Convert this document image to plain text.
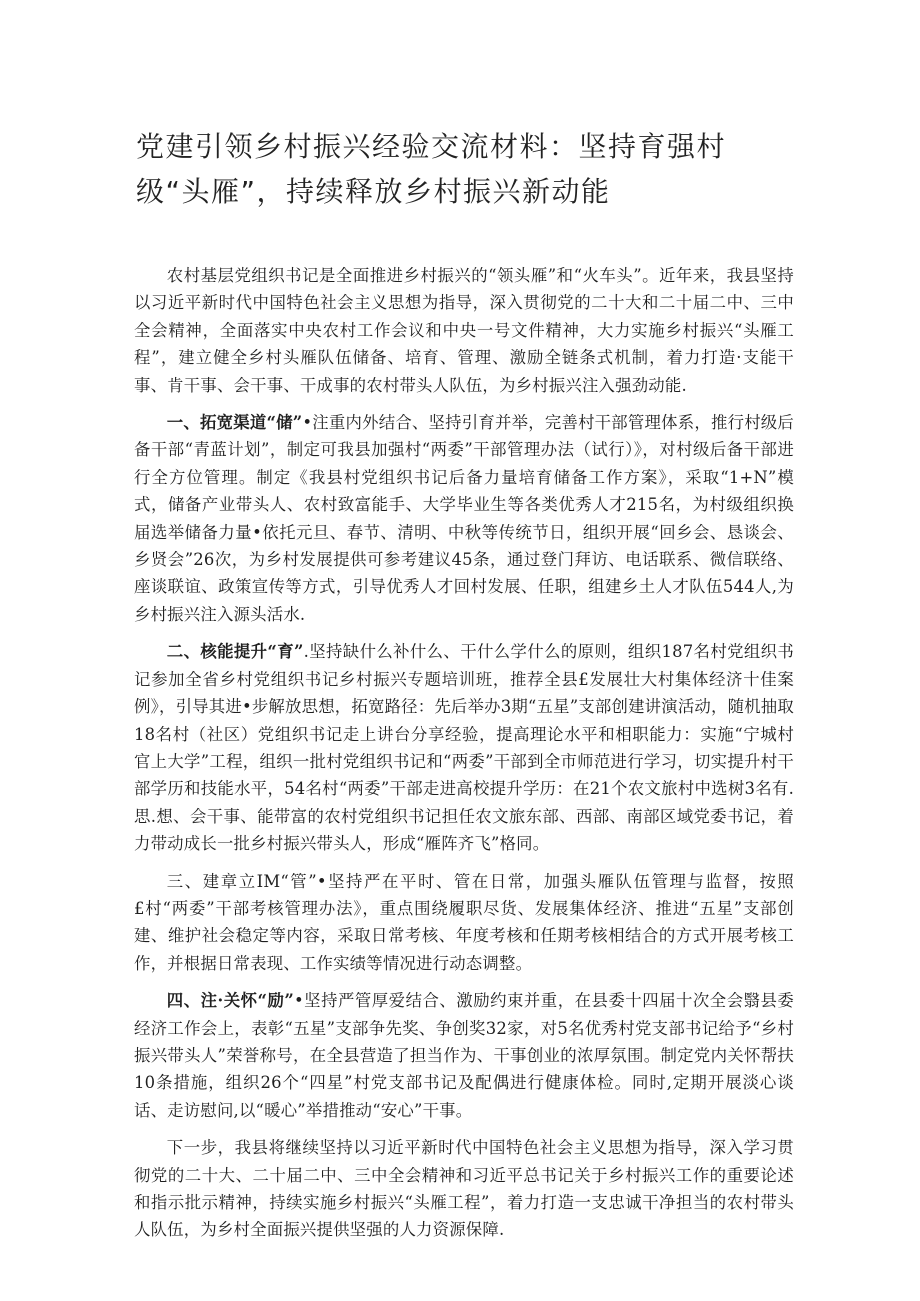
党建引领乡村振兴经验交流材料：坚持育强村级“头雁”，持续释放乡村振兴新动能

农村基层党组织书记是全面推进乡村振兴的“领头雁”和“火车头”。近年来，我县坚持以习近平新时代中国特色社会主义思想为指导，深入贯彻党的二十大和二十届二中、三中全会精神，全面落实中央农村工作会议和中央一号文件精神，大力实施乡村振兴“头雁工程”，建立健全乡村头雁队伍储备、培育、管理、激励全链条式机制，着力打造·支能干事、肯干事、会干事、干成事的农村带头人队伍，为乡村振兴注入强劲动能.

一、拓宽渠道“储”•注重内外结合、坚持引育并举，完善村干部管理体系，推行村级后备干部“青蓝计划”，制定可我县加强村“两委”干部管理办法（试行）》，对村级后备干部进行全方位管理。制定《我县村党组织书记后备力量培育储备工作方案》，采取“1+N”模式，储备产业带头人、农村致富能手、大学毕业生等各类优秀人才215名，为村级组织换届选举储备力量•依托元旦、春节、清明、中秋等传统节日，组织开展“回乡会、恳谈会、乡贤会”26次，为乡村发展提供可参考建议45条，通过登门拜访、电话联系、微信联络、座谈联谊、政策宣传等方式，引导优秀人才回村发展、任职，组建乡土人才队伍544人,为乡村振兴注入源头活水.

二、核能提升“育”.坚持缺什么补什么、干什么学什么的原则，组织187名村党组织书记参加全省乡村党组织书记乡村振兴专题培训班，推荐全县£发展壮大村集体经济十佳案例》，引导其进•步解放思想，拓宽路径：先后举办3期“五星”支部创建讲演活动，随机抽取18名村（社区）党组织书记走上讲台分享经验，提高理论水平和相职能力：实施“宁城村官上大学”工程，组织一批村党组织书记和“两委”干部到全市师范进行学习，切实提升村干部学历和技能水平，54名村“两委”干部走进高校提升学历：在21个农文旅村中选树3名有.思.想、会干事、能带富的农村党组织书记担任农文旅东部、西部、南部区域党委书记，着力带动成长一批乡村振兴带头人，形成“雁阵齐飞”格同。

三、建章立IM“管”•坚持严在平时、管在日常，加强头雁队伍管理与监督，按照£村“两委”干部考核管理办法》，重点围绕履职尽货、发展集体经济、推进“五星”支部创建、维护社会稳定等内容，采取日常考核、年度考核和任期考核相结合的方式开展考核工作，并根据日常表现、工作实绩等情况进行动态调整。

四、注·关怀“励”•坚持严管厚爱结合、激励约束并重，在县委十四届十次全会翳县委经济工作会上，表彰“五星”支部争先奖、争创奖32家，对5名优秀村党支部书记给予“乡村振兴带头人”荣誉称号，在全县营造了担当作为、干事创业的浓厚氛围。制定党内关怀帮扶10条措施，组织26个“四星”村党支部书记及配偶进行健康体检。同时,定期开展淡心谈话、走访慰问,以“暖心”举措推动“安心”干事。

下一步，我县将继续坚持以习近平新时代中国特色社会主义思想为指导，深入学习贯彻党的二十大、二十届二中、三中全会精神和习近平总书记关于乡村振兴工作的重要论述和指示批示精神，持续实施乡村振兴“头雁工程”，着力打造一支忠诚干净担当的农村带头人队伍，为乡村全面振兴提供坚强的人力资源保障.
